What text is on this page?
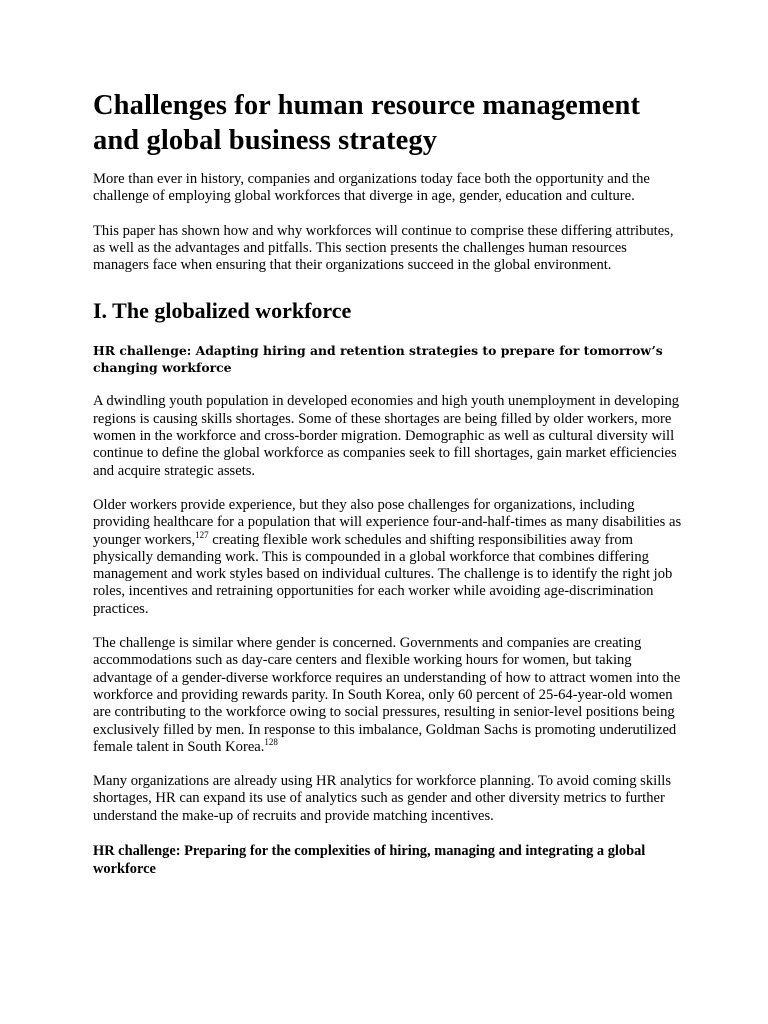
Challenges for human resource management and global business strategy

More than ever in history, companies and organizations today face both the opportunity and the challenge of employing global workforces that diverge in age, gender, education and culture.

This paper has shown how and why workforces will continue to comprise these differing attributes, as well as the advantages and pitfalls. This section presents the challenges human resources managers face when ensuring that their organizations succeed in the global environment.

I. The globalized workforce
HR challenge: Adapting hiring and retention strategies to prepare for tomorrow’s changing workforce

A dwindling youth population in developed economies and high youth unemployment in developing regions is causing skills shortages. Some of these shortages are being filled by older workers, more women in the workforce and cross-border migration. Demographic as well as cultural diversity will continue to define the global workforce as companies seek to fill shortages, gain market efficiencies and acquire strategic assets.

Older workers provide experience, but they also pose challenges for organizations, including providing healthcare for a population that will experience four-and-half-times as many disabilities as younger workers,$^{127}$ creating flexible work schedules and shifting responsibilities away from physically demanding work. This is compounded in a global workforce that combines differing management and work styles based on individual cultures. The challenge is to identify the right job roles, incentives and retraining opportunities for each worker while avoiding age-discrimination practices.

The challenge is similar where gender is concerned. Governments and companies are creating accommodations such as day-care centers and flexible working hours for women, but taking advantage of a gender-diverse workforce requires an understanding of how to attract women into the workforce and providing rewards parity. In South Korea, only 60 percent of 25-64-year-old women are contributing to the workforce owing to social pressures, resulting in senior-level positions being exclusively filled by men. In response to this imbalance, Goldman Sachs is promoting underutilized female talent in South Korea.$^{128}$

Many organizations are already using HR analytics for workforce planning. To avoid coming skills shortages, HR can expand its use of analytics such as gender and other diversity metrics to further understand the make-up of recruits and provide matching incentives.

HR challenge: Preparing for the complexities of hiring, managing and integrating a global workforce
